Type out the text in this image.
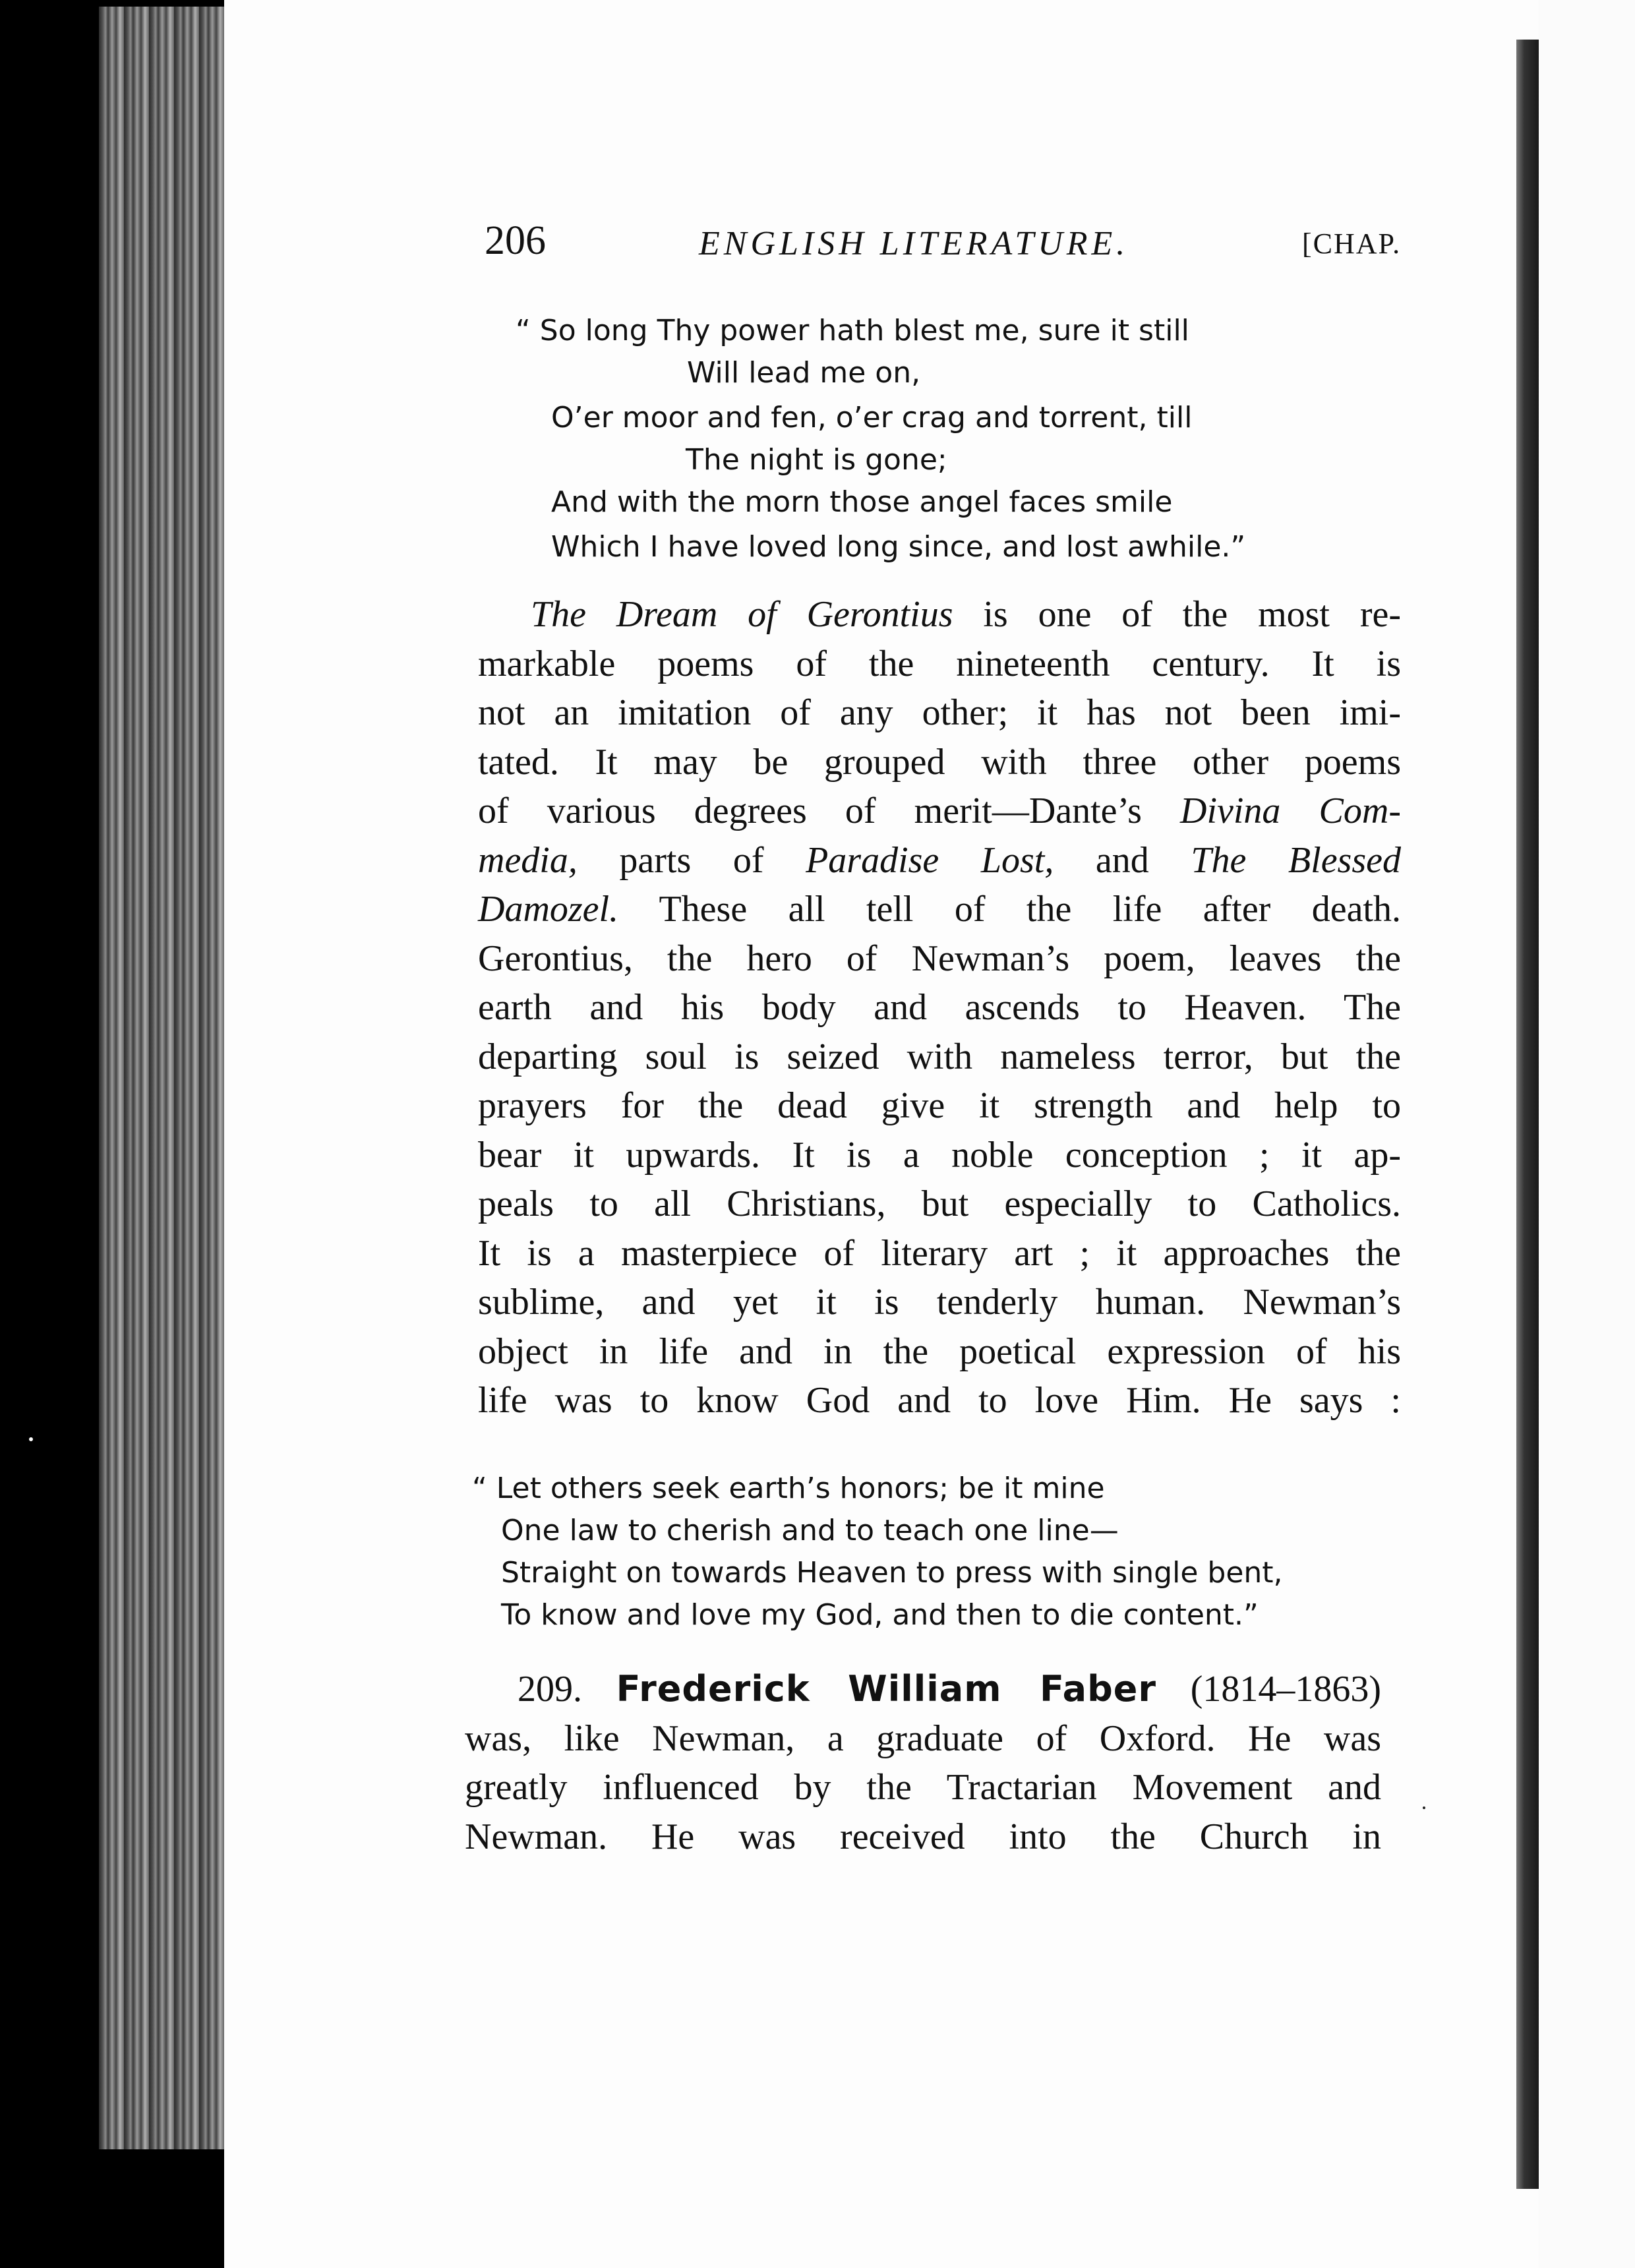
206	ENGLISH LITERATURE.	[CHAP.
“ So long Thy power hath blest me, sure it still
Will lead me on,
O’er moor and fen, o’er crag and torrent, till
The night is gone;
And with the morn those angel faces smile
Which I have loved long since, and lost awhile.”
The Dream of Gerontius is one of the most re-
markable poems of the nineteenth century. It is
not an imitation of any other; it has not been imi-
tated. It may be grouped with three other poems
of various degrees of merit—Dante’s Divina Com-
media, parts of Paradise Lost, and The Blessed
Damozel. These all tell of the life after death.
Gerontius, the hero of Newman’s poem, leaves the
earth and his body and ascends to Heaven. The
departing soul is seized with nameless terror, but the
prayers for the dead give it strength and help to
bear it upwards. It is a noble conception ; it ap-
peals to all Christians, but especially to Catholics.
It is a masterpiece of literary art ; it approaches the
sublime, and yet it is tenderly human. Newman’s
object in life and in the poetical expression of his
life was to know God and to love Him. He says :
“ Let others seek earth’s honors; be it mine
One law to cherish and to teach one line—
Straight on towards Heaven to press with single bent,
To know and love my God, and then to die content.”
209. Frederick William Faber (1814–1863)
was, like Newman, a graduate of Oxford. He was
greatly influenced by the Tractarian Movement and
Newman. He was received into the Church in
